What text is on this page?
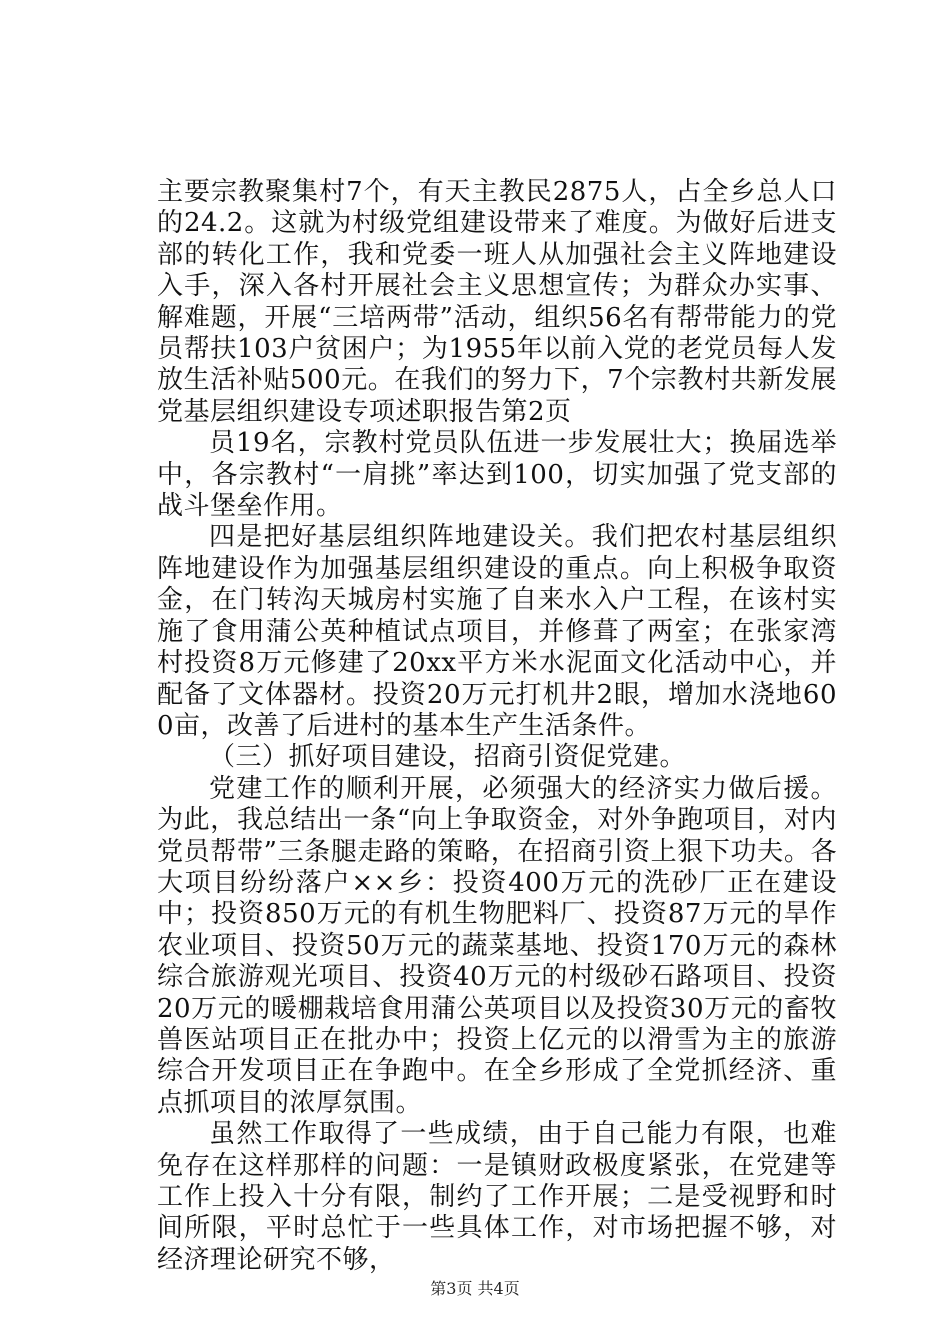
主要宗教聚集村7个，有天主教民2875人，占全乡总人口的24.2。这就为村级党组建设带来了难度。为做好后进支部的转化工作，我和党委一班人从加强社会主义阵地建设入手，深入各村开展社会主义思想宣传；为群众办实事、解难题，开展“三培两带”活动，组织56名有帮带能力的党员帮扶103户贫困户；为1955年以前入党的老党员每人发放生活补贴500元。在我们的努力下，7个宗教村共新发展党基层组织建设专项述职报告第2页

员19名，宗教村党员队伍进一步发展壮大；换届选举中，各宗教村“一肩挑”率达到100，切实加强了党支部的战斗堡垒作用。

四是把好基层组织阵地建设关。我们把农村基层组织阵地建设作为加强基层组织建设的重点。向上积极争取资金，在门转沟天城房村实施了自来水入户工程，在该村实施了食用蒲公英种植试点项目，并修葺了两室；在张家湾村投资8万元修建了20xx平方米水泥面文化活动中心，并配备了文体器材。投资20万元打机井2眼，增加水浇地600亩，改善了后进村的基本生产生活条件。

（三）抓好项目建设，招商引资促党建。

党建工作的顺利开展，必须强大的经济实力做后援。为此，我总结出一条“向上争取资金，对外争跑项目，对内党员帮带”三条腿走路的策略，在招商引资上狠下功夫。各大项目纷纷落户××乡：投资400万元的洗砂厂正在建设中；投资850万元的有机生物肥料厂、投资87万元的旱作农业项目、投资50万元的蔬菜基地、投资170万元的森林综合旅游观光项目、投资40万元的村级砂石路项目、投资20万元的暖棚栽培食用蒲公英项目以及投资30万元的畜牧兽医站项目正在批办中；投资上亿元的以滑雪为主的旅游综合开发项目正在争跑中。在全乡形成了全党抓经济、重点抓项目的浓厚氛围。

虽然工作取得了一些成绩，由于自己能力有限，也难免存在这样那样的问题：一是镇财政极度紧张，在党建等工作上投入十分有限，制约了工作开展；二是受视野和时间所限，平时总忙于一些具体工作，对市场把握不够，对经济理论研究不够，

第3页 共4页
